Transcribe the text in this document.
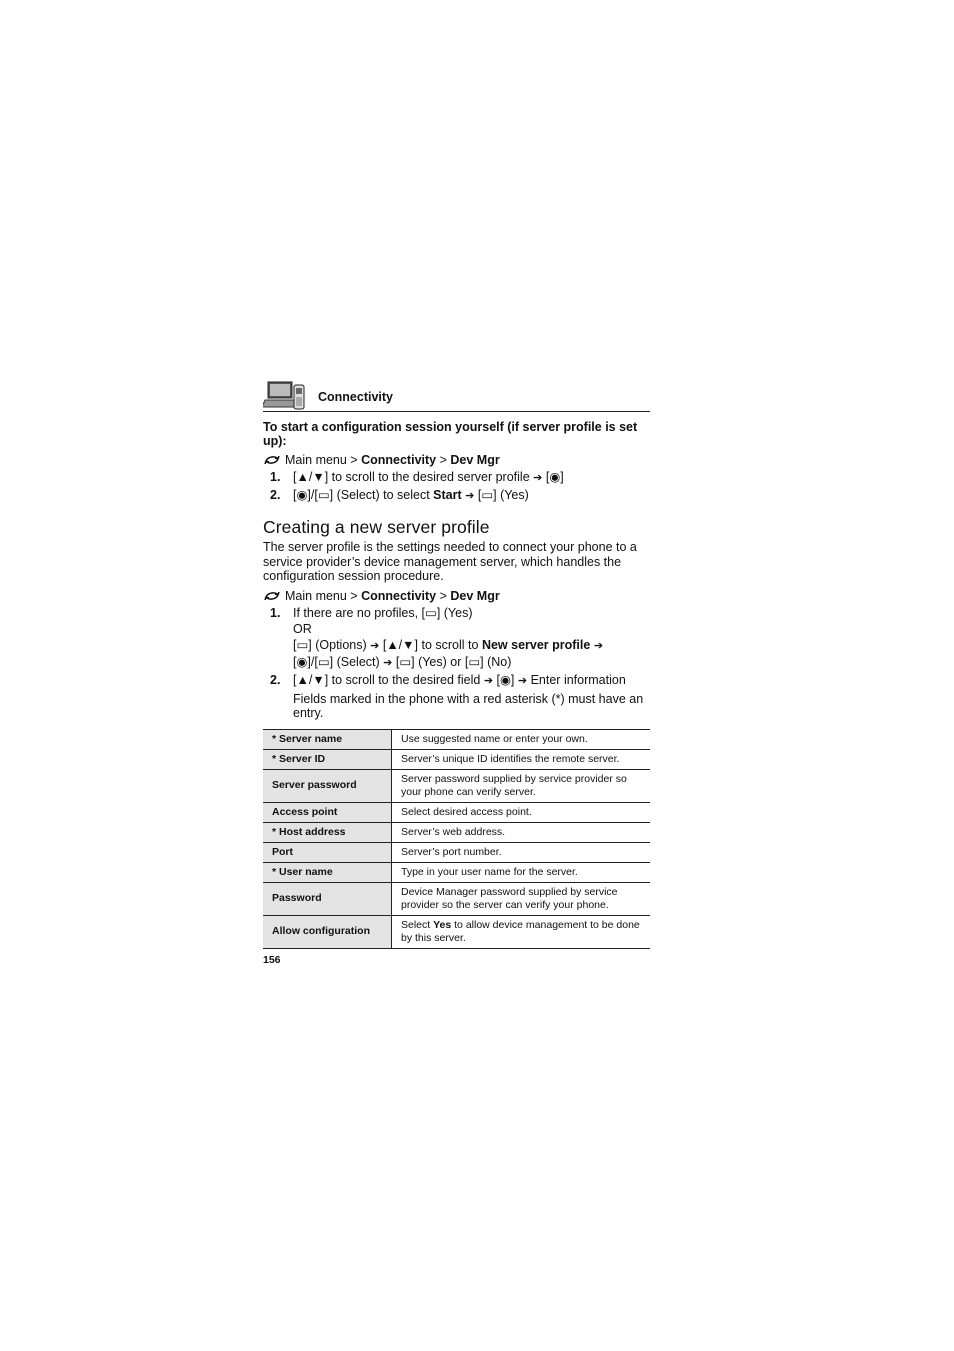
Connectivity
To start a configuration session yourself (if server profile is set up):
Main menu >
Connectivity
>
Dev Mgr
1.	[▲/▼] to scroll to the desired server profile ➔ [◉]
2.	[◉]/[▭] (Select) to select Start ➔ [▭] (Yes)
Creating a new server profile
The server profile is the settings needed to connect your phone to a service provider’s device management server, which handles the configuration session procedure.
Main menu >
Connectivity
>
Dev Mgr
1.	If there are no profiles, [▭] (Yes)
OR
[▭] (Options) ➔ [▲/▼] to scroll to New server profile ➔
[◉]/[▭] (Select) ➔ [▭] (Yes) or [▭] (No)
2.	[▲/▼] to scroll to the desired field ➔ [◉] ➔ Enter information
Fields marked in the phone with a red asterisk (*) must have an entry.
* Server name	Use suggested name or enter your own.
* Server ID	Server’s unique ID identifies the remote server.
Server password	Server password supplied by service provider so your phone can verify server.
Access point	Select desired access point.
* Host address	Server’s web address.
Port	Server’s port number.
* User name	Type in your user name for the server.
Password	Device Manager password supplied by service provider so the server can verify your phone.
Allow configuration	Select Yes to allow device management to be done by this server.
156
